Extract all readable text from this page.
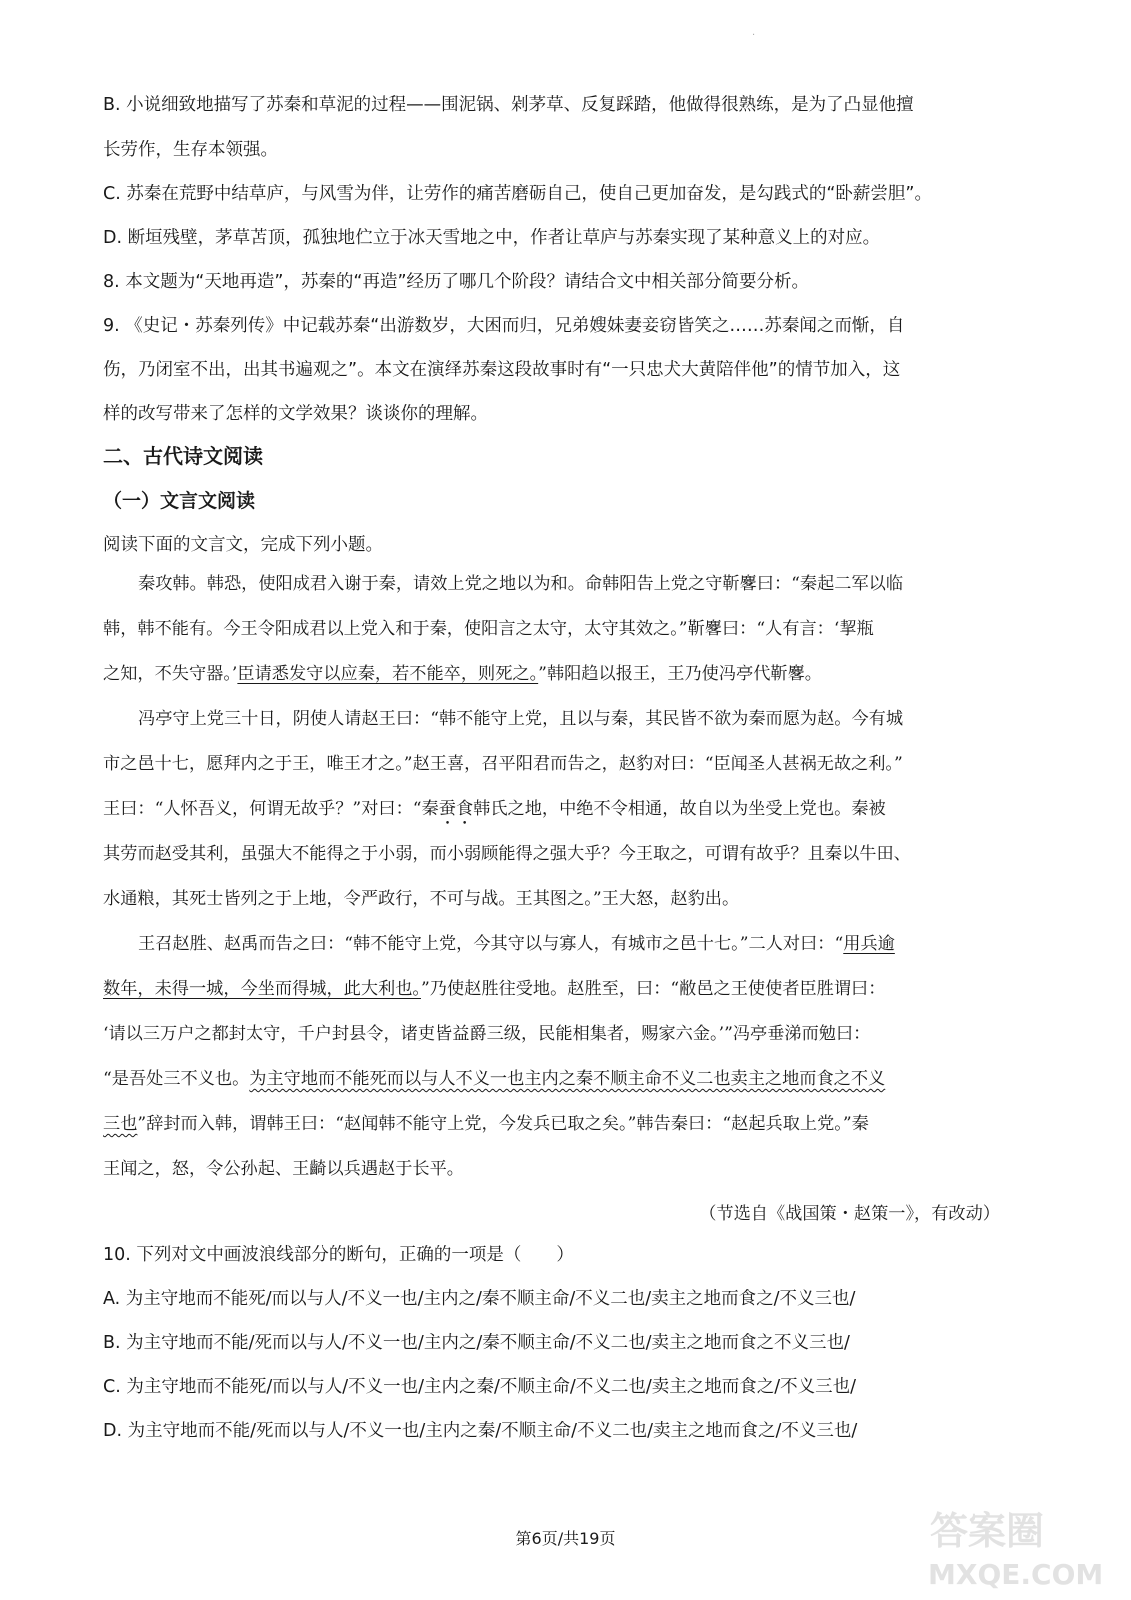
·
B. 小说细致地描写了苏秦和草泥的过程——围泥锅、剁茅草、反复踩踏，他做得很熟练，是为了凸显他擅
长劳作，生存本领强。
C. 苏秦在荒野中结草庐，与风雪为伴，让劳作的痛苦磨砺自己，使自己更加奋发，是勾践式的“卧薪尝胆”。
D. 断垣残壁，茅草苫顶，孤独地伫立于冰天雪地之中，作者让草庐与苏秦实现了某种意义上的对应。
8. 本文题为“天地再造”，苏秦的“再造”经历了哪几个阶段？请结合文中相关部分简要分析。
9. 《史记・苏秦列传》中记载苏秦“出游数岁，大困而归，兄弟嫂妹妻妾窃皆笑之……苏秦闻之而惭，自
伤，乃闭室不出，出其书遍观之”。本文在演绎苏秦这段故事时有“一只忠犬大黄陪伴他”的情节加入，这
样的改写带来了怎样的文学效果？谈谈你的理解。
二、古代诗文阅读
（一）文言文阅读
阅读下面的文言文，完成下列小题。
秦攻韩。韩恐，使阳成君入谢于秦，请效上党之地以为和。命韩阳告上党之守靳𪊲曰：“秦起二军以临
韩，韩不能有。今王令阳成君以上党入和于秦，使阳言之太守，太守其效之。”靳𪊲曰：“人有言：‘挈瓶
之知，不失守器。’臣请悉发守以应秦，若不能卒，则死之。”韩阳趋以报王，王乃使冯亭代靳𪊲。
冯亭守上党三十日，阴使人请赵王曰：“韩不能守上党，且以与秦，其民皆不欲为秦而愿为赵。今有城
市之邑十七，愿拜内之于王，唯王才之。”赵王喜，召平阳君而告之，赵豹对曰：“臣闻圣人甚祸无故之利。”
王曰：“人怀吾义，何谓无故乎？”对曰：“秦蚕食韩氏之地，中绝不令相通，故自以为坐受上党也。秦被
其劳而赵受其利，虽强大不能得之于小弱，而小弱顾能得之强大乎？今王取之，可谓有故乎？且秦以牛田、
水通粮，其死士皆列之于上地，令严政行，不可与战。王其图之。”王大怒，赵豹出。
王召赵胜、赵禹而告之曰：“韩不能守上党，今其守以与寡人，有城市之邑十七。”二人对曰：“用兵逾
数年，未得一城，今坐而得城，此大利也。”乃使赵胜往受地。赵胜至，曰：“敝邑之王使使者臣胜谓曰：
‘请以三万户之都封太守，千户封县令，诸吏皆益爵三级，民能相集者，赐家六金。’”冯亭垂涕而勉曰：
“是吾处三不义也。为主守地而不能死而以与人不义一也主内之秦不顺主命不义二也卖主之地而食之不义
三也”辞封而入韩，谓韩王曰：“赵闻韩不能守上党，今发兵已取之矣。”韩告秦曰：“赵起兵取上党。”秦
王闻之，怒，令公孙起、王齮以兵遇赵于长平。
（节选自《战国策・赵策一》，有改动）
10. 下列对文中画波浪线部分的断句，正确的一项是（　　）
A. 为主守地而不能死/而以与人/不义一也/主内之/秦不顺主命/不义二也/卖主之地而食之/不义三也/
B. 为主守地而不能/死而以与人/不义一也/主内之/秦不顺主命/不义二也/卖主之地而食之不义三也/
C. 为主守地而不能死/而以与人/不义一也/主内之秦/不顺主命/不义二也/卖主之地而食之/不义三也/
D. 为主守地而不能/死而以与人/不义一也/主内之秦/不顺主命/不义二也/卖主之地而食之/不义三也/
第6页/共19页	答案圈
MXQE.COM
